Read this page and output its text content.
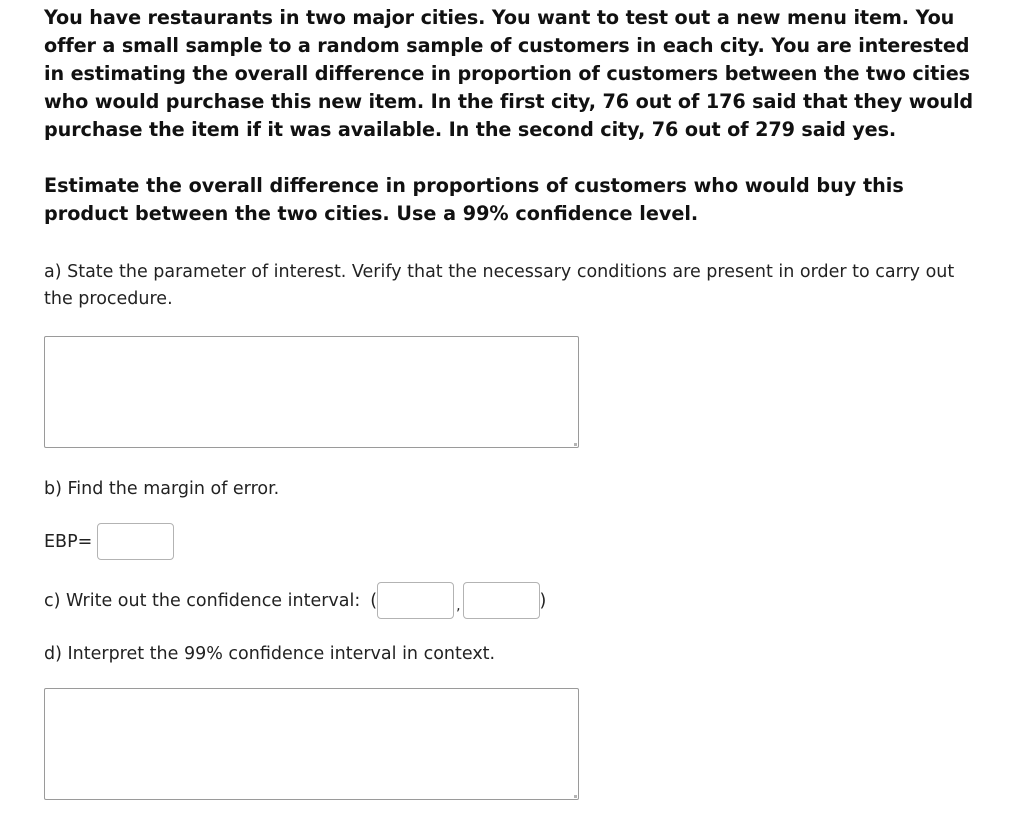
You have restaurants in two major cities. You want to test out a new menu item. You offer a small sample to a random sample of customers in each city. You are interested in estimating the overall difference in proportion of customers between the two cities who would purchase this new item. In the first city, 76 out of 176 said that they would purchase the item if it was available. In the second city, 76 out of 279 said yes.

Estimate the overall difference in proportions of customers who would buy this product between the two cities. Use a 99% confidence level.

a) State the parameter of interest. Verify that the necessary conditions are present in order to carry out the procedure.

b) Find the margin of error.

EBP=
c) Write out the confidence interval: (	,	)

d) Interpret the 99% confidence interval in context.
